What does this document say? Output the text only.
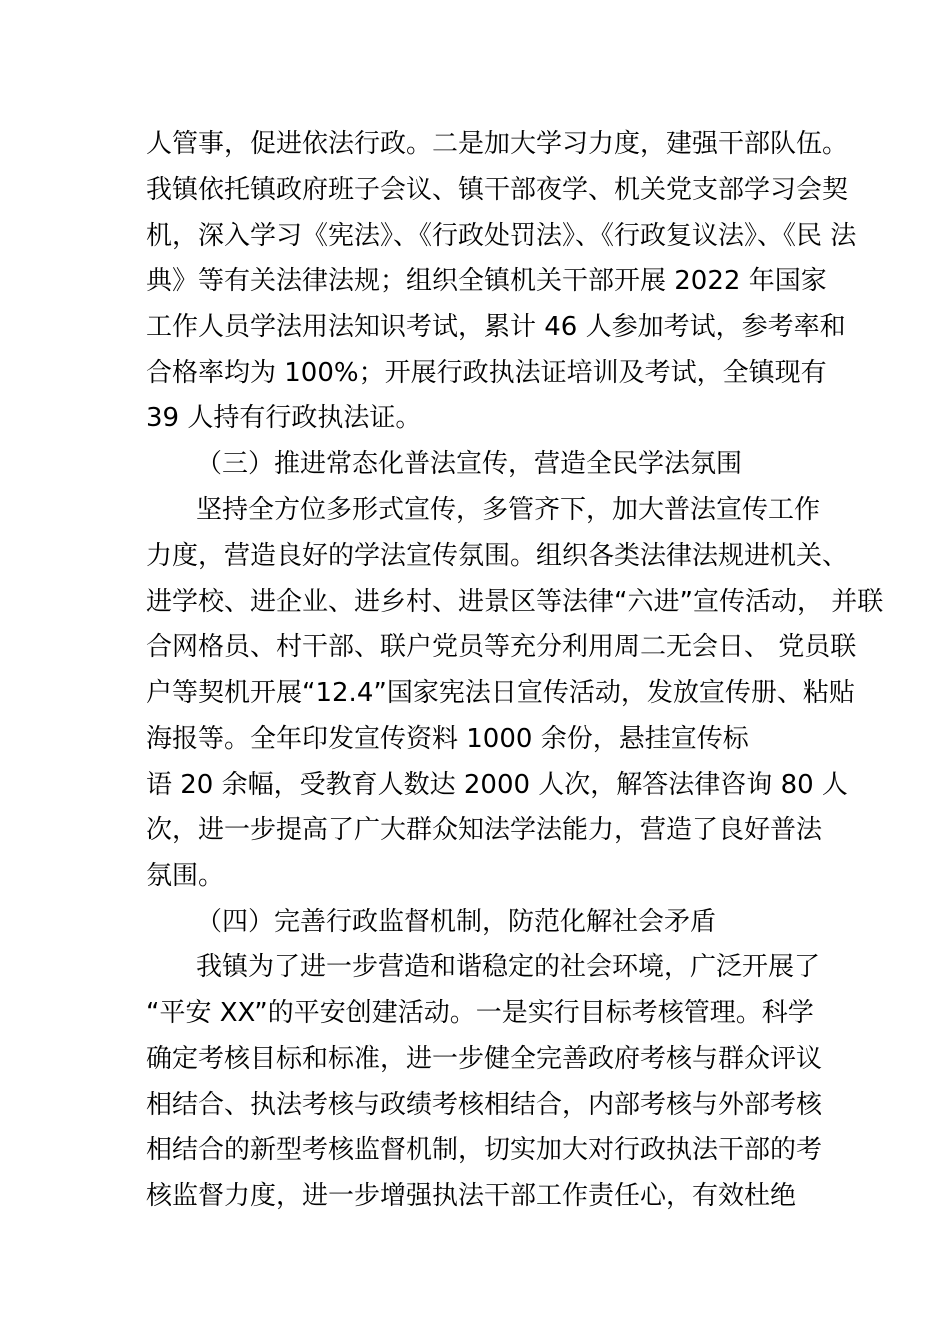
人管事，促进依法行政。二是加大学习力度，建强干部队伍。

我镇依托镇政府班子会议、镇干部夜学、机关党支部学习会契

机，深入学习《宪法》、《行政处罚法》、《行政复议法》、《民 法

典》等有关法律法规；组织全镇机关干部开展 2022 年国家

工作人员学法用法知识考试，累计 46 人参加考试，参考率和

合格率均为 100%；开展行政执法证培训及考试，全镇现有

39 人持有行政执法证。

（三）推进常态化普法宣传，营造全民学法氛围

坚持全方位多形式宣传，多管齐下，加大普法宣传工作

力度，营造良好的学法宣传氛围。组织各类法律法规进机关、

进学校、进企业、进乡村、进景区等法律“六进”宣传活动， 并联

合网格员、村干部、联户党员等充分利用周二无会日、 党员联

户等契机开展“12.4”国家宪法日宣传活动，发放宣传册、粘贴

海报等。全年印发宣传资料 1000 余份，悬挂宣传标

语 20 余幅，受教育人数达 2000 人次，解答法律咨询 80 人

次，进一步提高了广大群众知法学法能力，营造了良好普法

氛围。

（四）完善行政监督机制，防范化解社会矛盾

我镇为了进一步营造和谐稳定的社会环境，广泛开展了

“平安 XX”的平安创建活动。一是实行目标考核管理。科学

确定考核目标和标准，进一步健全完善政府考核与群众评议

相结合、执法考核与政绩考核相结合，内部考核与外部考核

相结合的新型考核监督机制，切实加大对行政执法干部的考

核监督力度，进一步增强执法干部工作责任心，有效杜绝
